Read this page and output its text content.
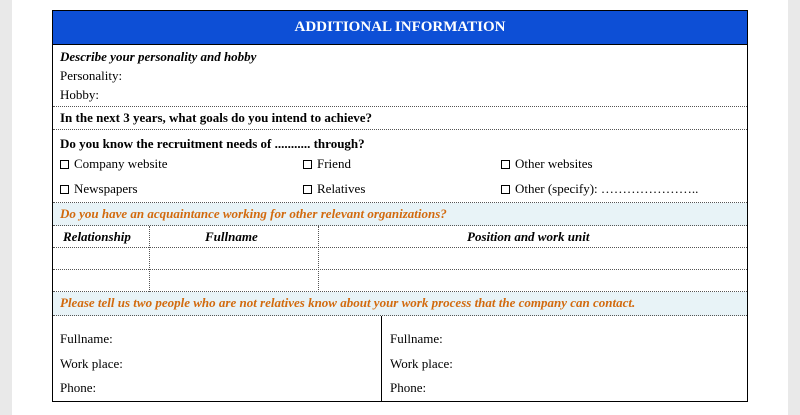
ADDITIONAL INFORMATION
Describe your personality and hobby
Personality:
Hobby:
In the next 3 years, what goals do you intend to achieve?
Do you know the recruitment needs of ........... through?
Company website	Friend	Other websites
Newspapers	Relatives	Other (specify): …………………..
Do you have an acquaintance working for other relevant organizations?
Relationship	Fullname	Position and work unit
Please tell us two people who are not relatives know about your work process that the company can contact.
Fullname:
Work place:
Phone:
Fullname:
Work place:
Phone:
